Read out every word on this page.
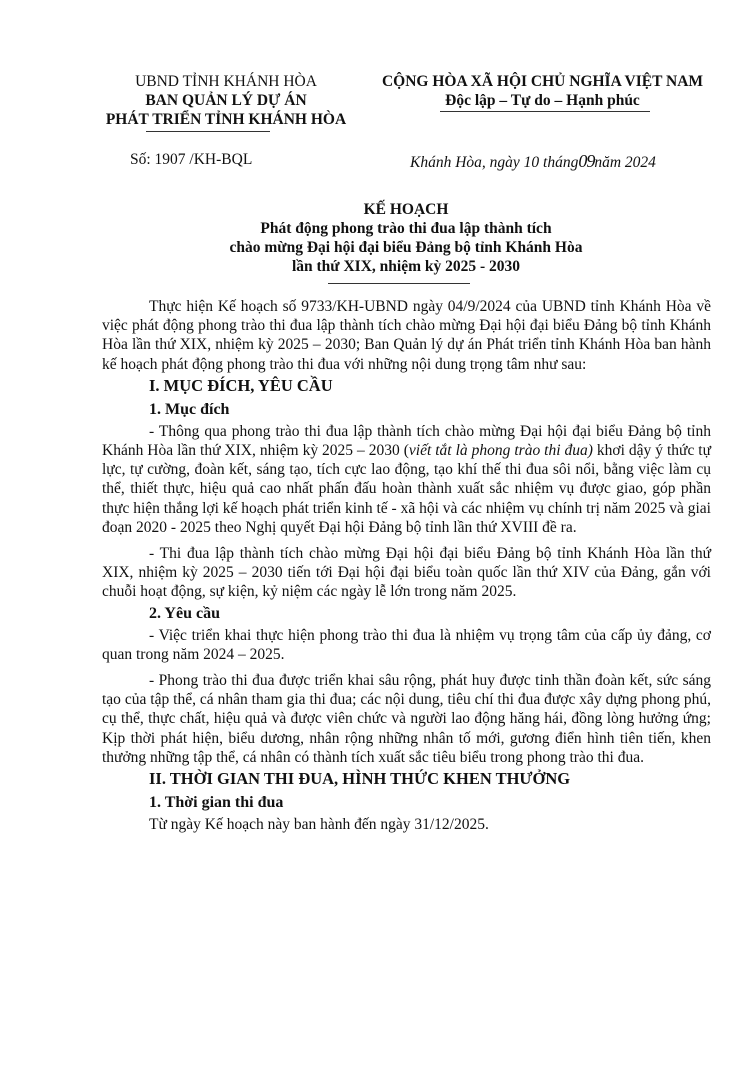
UBND TỈNH KHÁNH HÒA
BAN QUẢN LÝ DỰ ÁN
PHÁT TRIỂN TỈNH KHÁNH HÒA
CỘNG HÒA XÃ HỘI CHỦ NGHĨA VIỆT NAM
Độc lập – Tự do – Hạnh phúc
Số: 1907 /KH-BQL	Khánh Hòa, ngày 10 tháng09năm 2024
KẾ HOẠCH
Phát động phong trào thi đua lập thành tích
chào mừng Đại hội đại biểu Đảng bộ tỉnh Khánh Hòa
lần thứ XIX, nhiệm kỳ 2025 - 2030

Thực hiện Kế hoạch số 9733/KH-UBND ngày 04/9/2024 của UBND tỉnh Khánh Hòa về việc phát động phong trào thi đua lập thành tích chào mừng Đại hội đại biểu Đảng bộ tỉnh Khánh Hòa lần thứ XIX, nhiệm kỳ 2025 – 2030; Ban Quản lý dự án Phát triển tỉnh Khánh Hòa ban hành kế hoạch phát động phong trào thi đua với những nội dung trọng tâm như sau:

I. MỤC ĐÍCH, YÊU CẦU
1. Mục đích

- Thông qua phong trào thi đua lập thành tích chào mừng Đại hội đại biểu Đảng bộ tỉnh Khánh Hòa lần thứ XIX, nhiệm kỳ 2025 – 2030 (viết tắt là phong trào thi đua) khơi dậy ý thức tự lực, tự cường, đoàn kết, sáng tạo, tích cực lao động, tạo khí thế thi đua sôi nổi, bằng việc làm cụ thể, thiết thực, hiệu quả cao nhất phấn đấu hoàn thành xuất sắc nhiệm vụ được giao, góp phần thực hiện thắng lợi kế hoạch phát triển kinh tế - xã hội và các nhiệm vụ chính trị năm 2025 và giai đoạn 2020 - 2025 theo Nghị quyết Đại hội Đảng bộ tỉnh lần thứ XVIII đề ra.

- Thi đua lập thành tích chào mừng Đại hội đại biểu Đảng bộ tỉnh Khánh Hòa lần thứ XIX, nhiệm kỳ 2025 – 2030 tiến tới Đại hội đại biểu toàn quốc lần thứ XIV của Đảng, gắn với chuỗi hoạt động, sự kiện, kỷ niệm các ngày lễ lớn trong năm 2025.

2. Yêu cầu

- Việc triển khai thực hiện phong trào thi đua là nhiệm vụ trọng tâm của cấp ủy đảng, cơ quan trong năm 2024 – 2025.

- Phong trào thi đua được triển khai sâu rộng, phát huy được tinh thần đoàn kết, sức sáng tạo của tập thể, cá nhân tham gia thi đua; các nội dung, tiêu chí thi đua được xây dựng phong phú, cụ thể, thực chất, hiệu quả và được viên chức và người lao động hăng hái, đồng lòng hưởng ứng; Kịp thời phát hiện, biểu dương, nhân rộng những nhân tố mới, gương điển hình tiên tiến, khen thưởng những tập thể, cá nhân có thành tích xuất sắc tiêu biểu trong phong trào thi đua.

II. THỜI GIAN THI ĐUA, HÌNH THỨC KHEN THƯỞNG
1. Thời gian thi đua

Từ ngày Kế hoạch này ban hành đến ngày 31/12/2025.
